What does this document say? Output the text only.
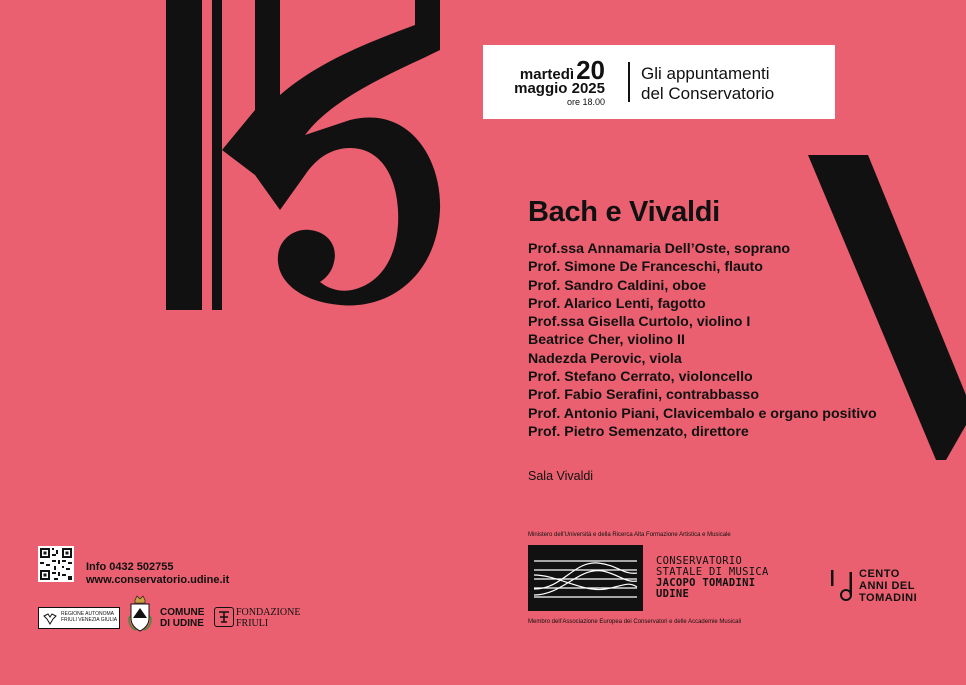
martedì20
maggio 2025
ore 18.00
Gli appuntamenti
del Conservatorio
Bach e Vivaldi
Prof.ssa Annamaria Dell’Oste, soprano
Prof. Simone De Franceschi, flauto
Prof. Sandro Caldini, oboe
Prof. Alarico Lenti, fagotto
Prof.ssa Gisella Curtolo, violino I
Beatrice Cher, violino II
Nadezda Perovic, viola
Prof. Stefano Cerrato, violoncello
Prof. Fabio Serafini, contrabbasso
Prof. Antonio Piani, Clavicembalo e organo positivo
Prof. Pietro Semenzato, direttore
Sala Vivaldi
Info 0432 502755
www.conservatorio.udine.it
REGIONE AUTONOMA
FRIULI VENEZIA GIULIA
COMUNE
DI UDINE
FONDAZIONE
FRIULI
Ministero dell’Università e della Ricerca Alta Formazione Artistica e Musicale
CONSERVATORIO
STATALE DI MUSICA
JACOPO TOMADINI
UDINE
Membro dell’Associazione Europea dei Conservatori e delle Accademie Musicali
CENTO
ANNI DEL
TOMADINI
